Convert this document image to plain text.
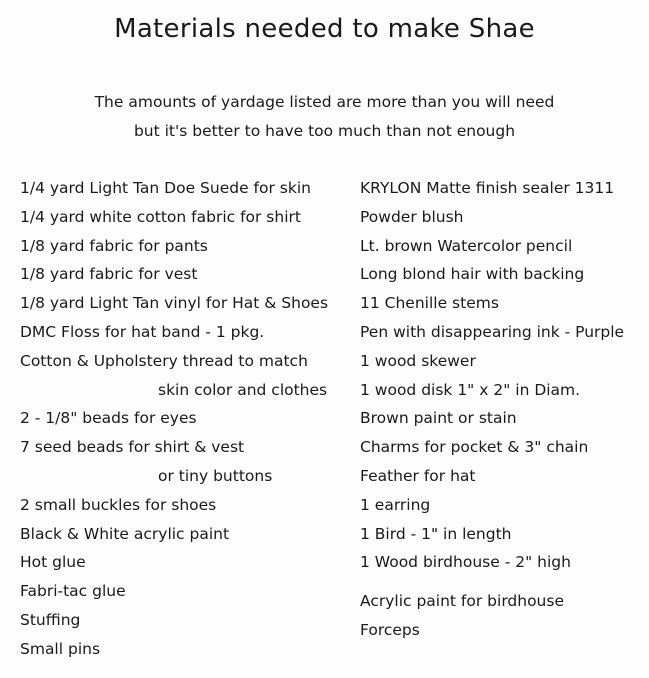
Materials needed to make Shae
The amounts of yardage listed are more than you will need
but it's better to have too much than not enough
1/4 yard Light Tan Doe Suede for skin
1/4 yard white cotton fabric for shirt
1/8 yard fabric for pants
1/8 yard fabric for vest
1/8 yard Light Tan vinyl for Hat & Shoes
DMC Floss for hat band - 1 pkg.
Cotton & Upholstery thread to match
skin color and clothes
2 - 1/8" beads for eyes
7 seed beads for shirt & vest
or tiny buttons
2 small buckles for shoes
Black & White acrylic paint
Hot glue
Fabri-tac glue
Stuffing
Small pins
KRYLON Matte finish sealer 1311
Powder blush
Lt. brown Watercolor pencil
Long blond hair with backing
11 Chenille stems
Pen with disappearing ink - Purple
1 wood skewer
1 wood disk 1" x 2" in Diam.
Brown paint or stain
Charms for pocket & 3" chain
Feather for hat
1 earring
1 Bird - 1" in length
1 Wood birdhouse - 2" high
Acrylic paint for birdhouse
Forceps
